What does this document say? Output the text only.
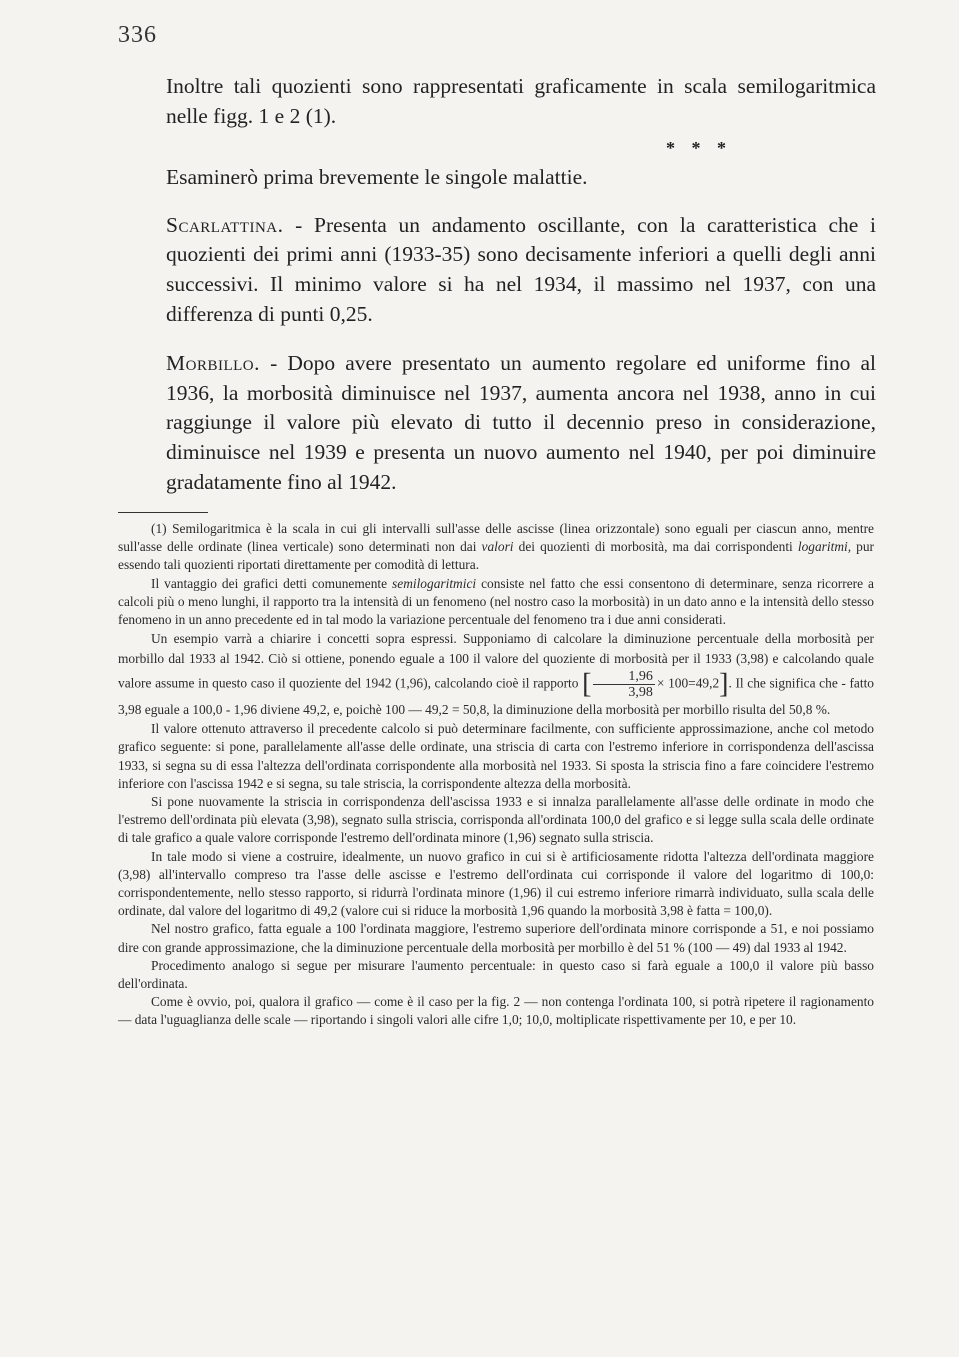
336

Inoltre tali quozienti sono rappresentati graficamente in scala semilogaritmica nelle figg. 1 e 2 (1).

* * *

Esaminerò prima brevemente le singole malattie.

Scarlattina. - Presenta un andamento oscillante, con la caratteristica che i quozienti dei primi anni (1933-35) sono decisamente inferiori a quelli degli anni successivi. Il minimo valore si ha nel 1934, il massimo nel 1937, con una differenza di punti 0,25.

Morbillo. - Dopo avere presentato un aumento regolare ed uniforme fino al 1936, la morbosità diminuisce nel 1937, aumenta ancora nel 1938, anno in cui raggiunge il valore più elevato di tutto il decennio preso in considerazione, diminuisce nel 1939 e presenta un nuovo aumento nel 1940, per poi diminuire gradatamente fino al 1942.

(1) Semilogaritmica è la scala in cui gli intervalli sull'asse delle ascisse (linea orizzontale) sono eguali per ciascun anno, mentre sull'asse delle ordinate (linea verticale) sono determinati non dai valori dei quozienti di morbosità, ma dai corrispondenti logaritmi, pur essendo tali quozienti riportati direttamente per comodità di lettura.

Il vantaggio dei grafici detti comunemente semilogaritmici consiste nel fatto che essi consentono di determinare, senza ricorrere a calcoli più o meno lunghi, il rapporto tra la intensità di un fenomeno (nel nostro caso la morbosità) in un dato anno e la intensità dello stesso fenomeno in un anno precedente ed in tal modo la variazione percentuale del fenomeno tra i due anni considerati.

Un esempio varrà a chiarire i concetti sopra espressi. Supponiamo di calcolare la diminuzione percentuale della morbosità per morbillo dal 1933 al 1942. Ciò si ottiene, ponendo eguale a 100 il valore del quoziente di morbosità per il 1933 (3,98) e calcolando quale valore assume in questo caso il quoziente del 1942 (1,96), calcolando cioè il rapporto [ $\frac{1,96}{3,98} \times 100=49,2$]. Il che significa che - fatto 3,98 eguale a 100,0 - 1,96 diviene 49,2, e, poichè 100 — 49,2 = 50,8, la diminuzione della morbosità per morbillo risulta del 50,8 %.

Il valore ottenuto attraverso il precedente calcolo si può determinare facilmente, con sufficiente approssimazione, anche col metodo grafico seguente: si pone, parallelamente all'asse delle ordinate, una striscia di carta con l'estremo inferiore in corrispondenza dell'ascissa 1933, si segna su di essa l'altezza dell'ordinata corrispondente alla morbosità nel 1933. Si sposta la striscia fino a fare coincidere l'estremo inferiore con l'ascissa 1942 e si segna, su tale striscia, la corrispondente altezza della morbosità.

Si pone nuovamente la striscia in corrispondenza dell'ascissa 1933 e si innalza parallelamente all'asse delle ordinate in modo che l'estremo dell'ordinata più elevata (3,98), segnato sulla striscia, corrisponda all'ordinata 100,0 del grafico e si legge sulla scala delle ordinate di tale grafico a quale valore corrisponde l'estremo dell'ordinata minore (1,96) segnato sulla striscia.

In tale modo si viene a costruire, idealmente, un nuovo grafico in cui si è artificiosamente ridotta l'altezza dell'ordinata maggiore (3,98) all'intervallo compreso tra l'asse delle ascisse e l'estremo dell'ordinata cui corrisponde il valore del logaritmo di 100,0: corrispondentemente, nello stesso rapporto, si ridurrà l'ordinata minore (1,96) il cui estremo inferiore rimarrà individuato, sulla scala delle ordinate, dal valore del logaritmo di 49,2 (valore cui si riduce la morbosità 1,96 quando la morbosità 3,98 è fatta = 100,0).

Nel nostro grafico, fatta eguale a 100 l'ordinata maggiore, l'estremo superiore dell'ordinata minore corrisponde a 51, e noi possiamo dire con grande approssimazione, che la diminuzione percentuale della morbosità per morbillo è del 51 % (100 — 49) dal 1933 al 1942.

Procedimento analogo si segue per misurare l'aumento percentuale: in questo caso si farà eguale a 100,0 il valore più basso dell'ordinata.

Come è ovvio, poi, qualora il grafico — come è il caso per la fig. 2 — non contenga l'ordinata 100, si potrà ripetere il ragionamento — data l'uguaglianza delle scale — riportando i singoli valori alle cifre 1,0; 10,0, moltiplicate rispettivamente per 10, e per 10.
